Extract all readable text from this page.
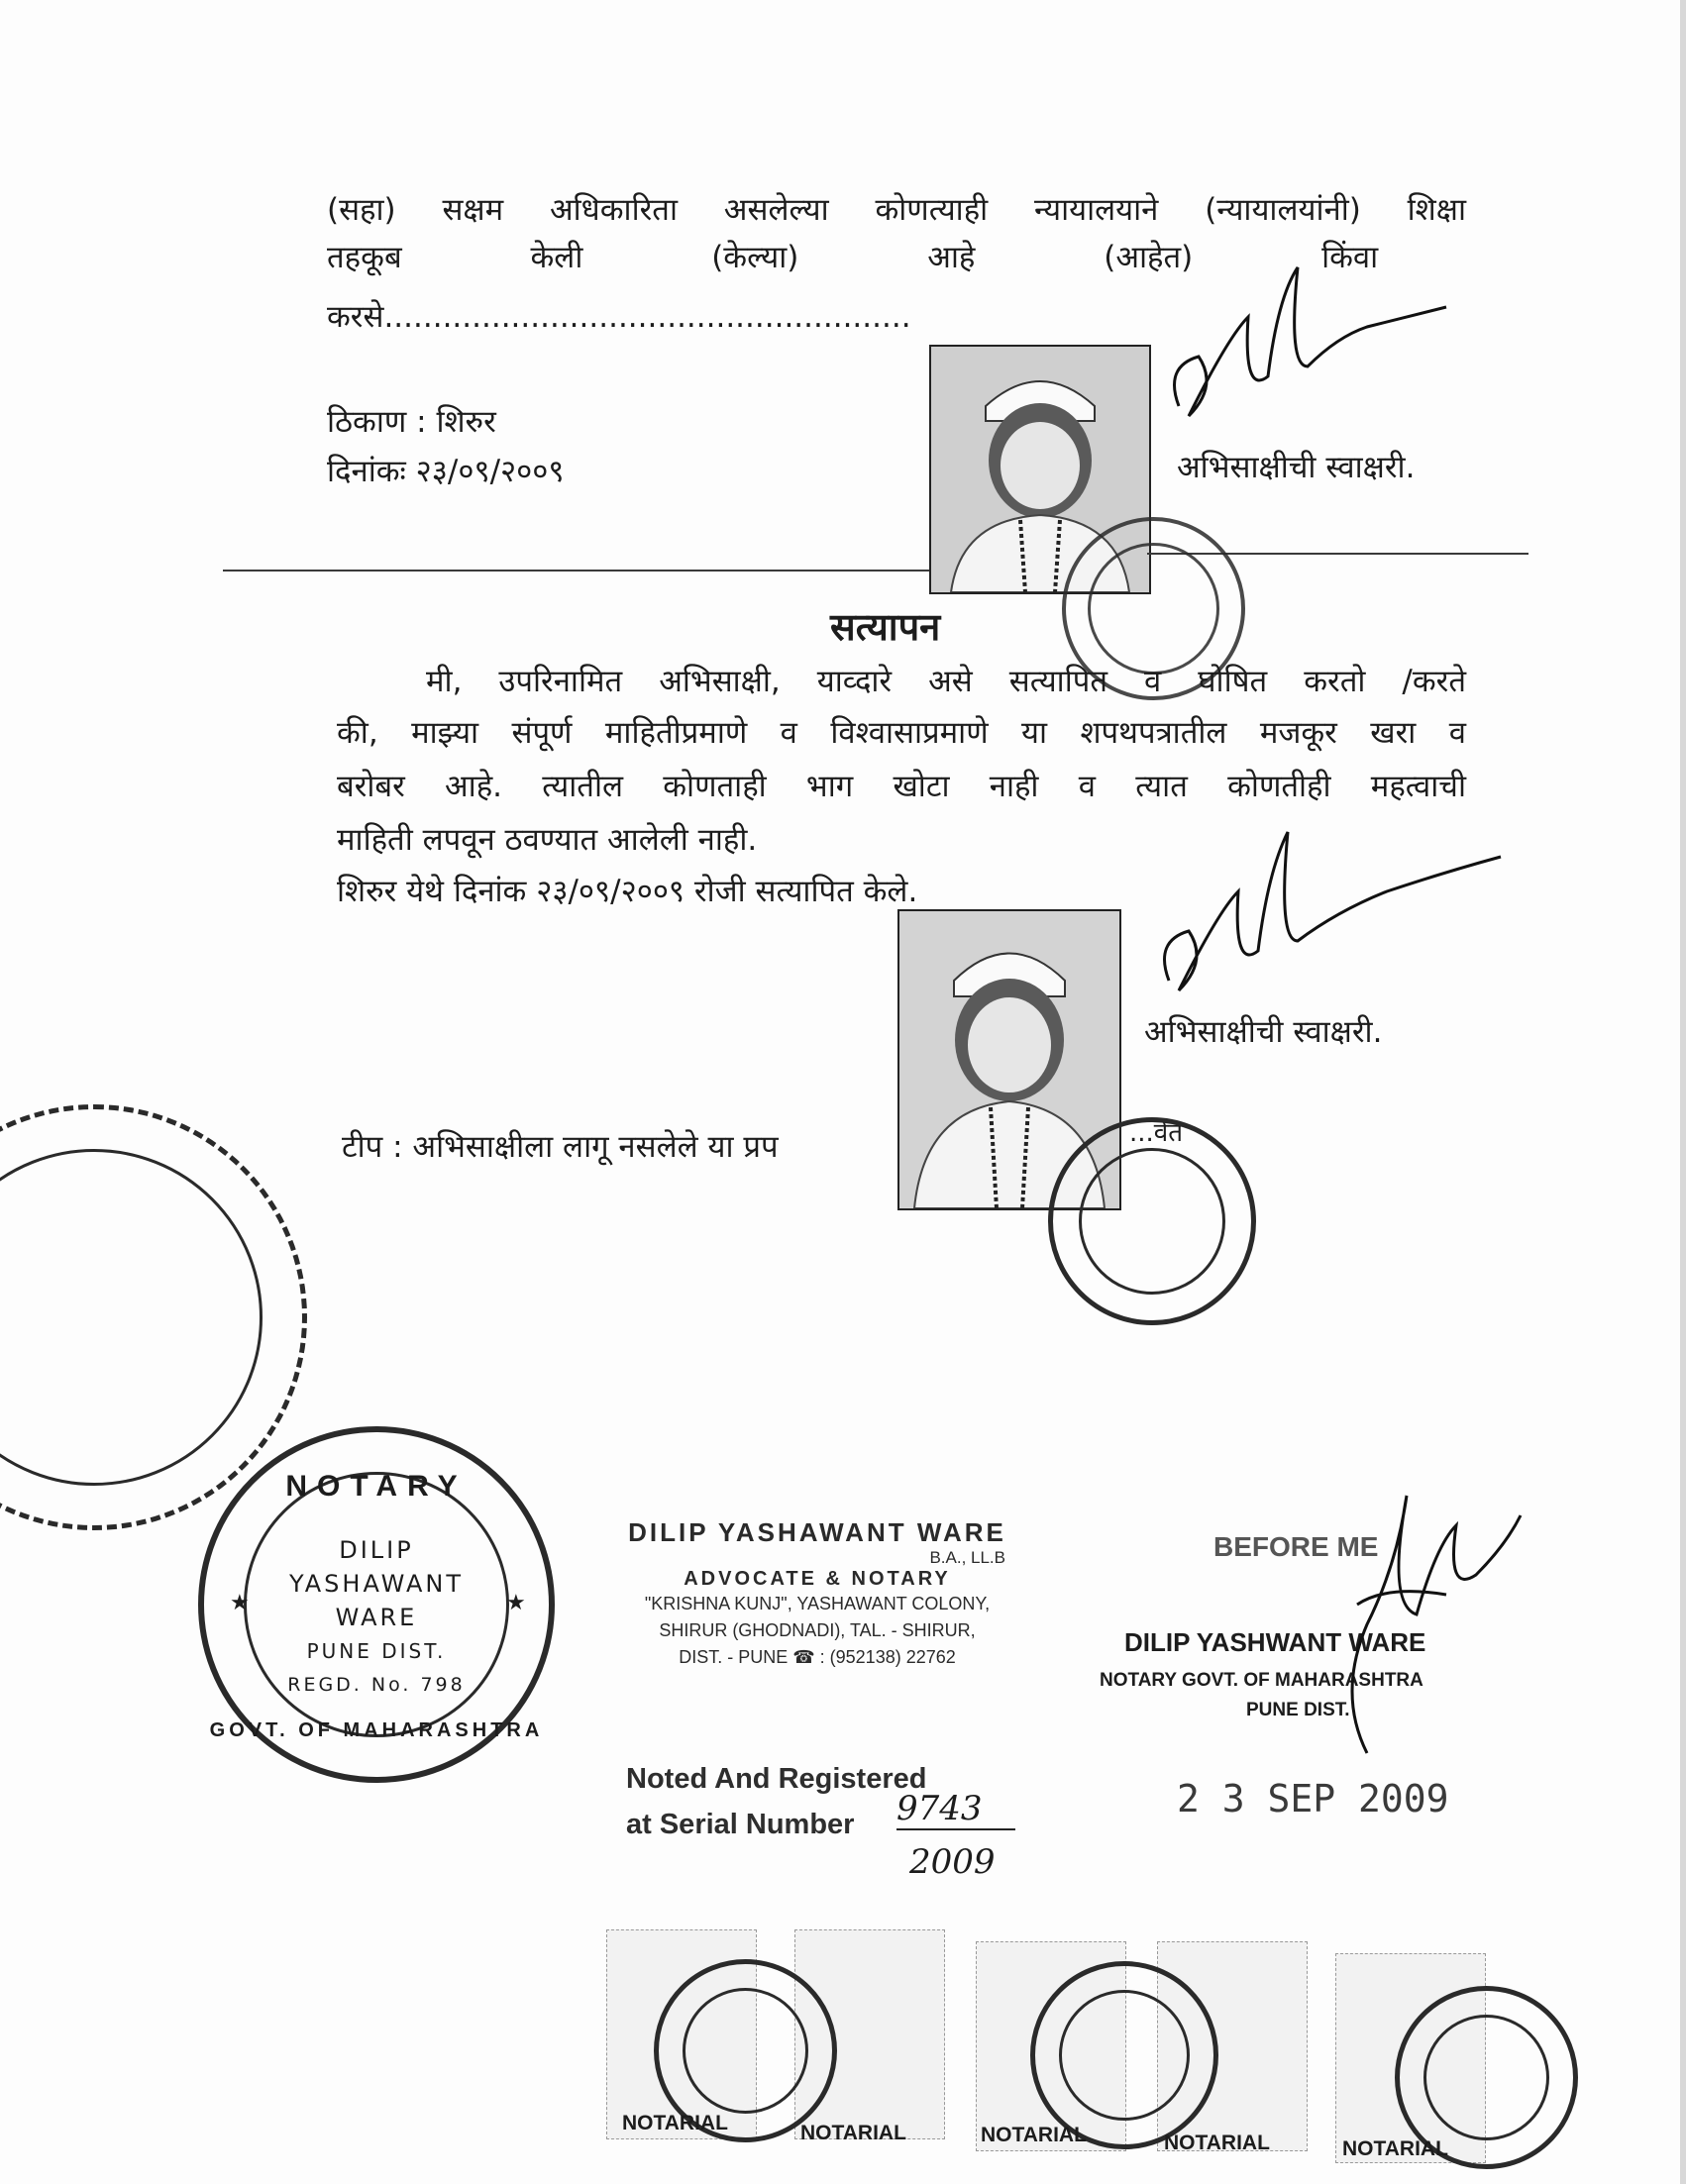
(सहा) सक्षम अधिकारिता असलेल्या कोणत्याही न्यायालयाने (न्यायालयांनी) शिक्षा
तहकूब केली (केल्या) आहे (आहेत) किंवा
करसे......................................................
ठिकाण : शिरुर
दिनांकः २३/०९/२००९	अभिसाक्षीची स्वाक्षरी.
सत्यापन
मी, उपरिनामित अभिसाक्षी, याव्दारे असे सत्यापित व घोषित करतो /करते
की, माझ्या संपूर्ण माहितीप्रमाणे व विश्वासाप्रमाणे या शपथपत्रातील मजकूर खरा व
बरोबर आहे. त्यातील कोणताही भाग खोटा नाही व त्यात कोणतीही महत्वाची
माहिती लपवून ठवण्यात आलेली नाही.
शिरुर येथे दिनांक २३/०९/२००९ रोजी सत्यापित केले.
अभिसाक्षीची स्वाक्षरी.
टीप : अभिसाक्षीला लागू नसलेले या प्रप	...वेत
NOTARY
DILIP
YASHAWANT
WARE
PUNE DIST.
REGD. No. 798
GOVT. OF MAHARASHTRA
★	★
DILIP YASHAWANT WARE
B.A., LL.B
ADVOCATE & NOTARY
"KRISHNA KUNJ", YASHAWANT COLONY,
SHIRUR (GHODNADI), TAL. - SHIRUR,
DIST. - PUNE ☎ : (952138) 22762
BEFORE ME
DILIP YASHWANT WARE
NOTARY GOVT. OF MAHARASHTRA
PUNE DIST.
Noted And Registered
at Serial Number 9743
2009
2 3 SEP 2009
NOTARIAL	NOTARIAL	NOTARIAL	NOTARIAL	NOTARIAL
